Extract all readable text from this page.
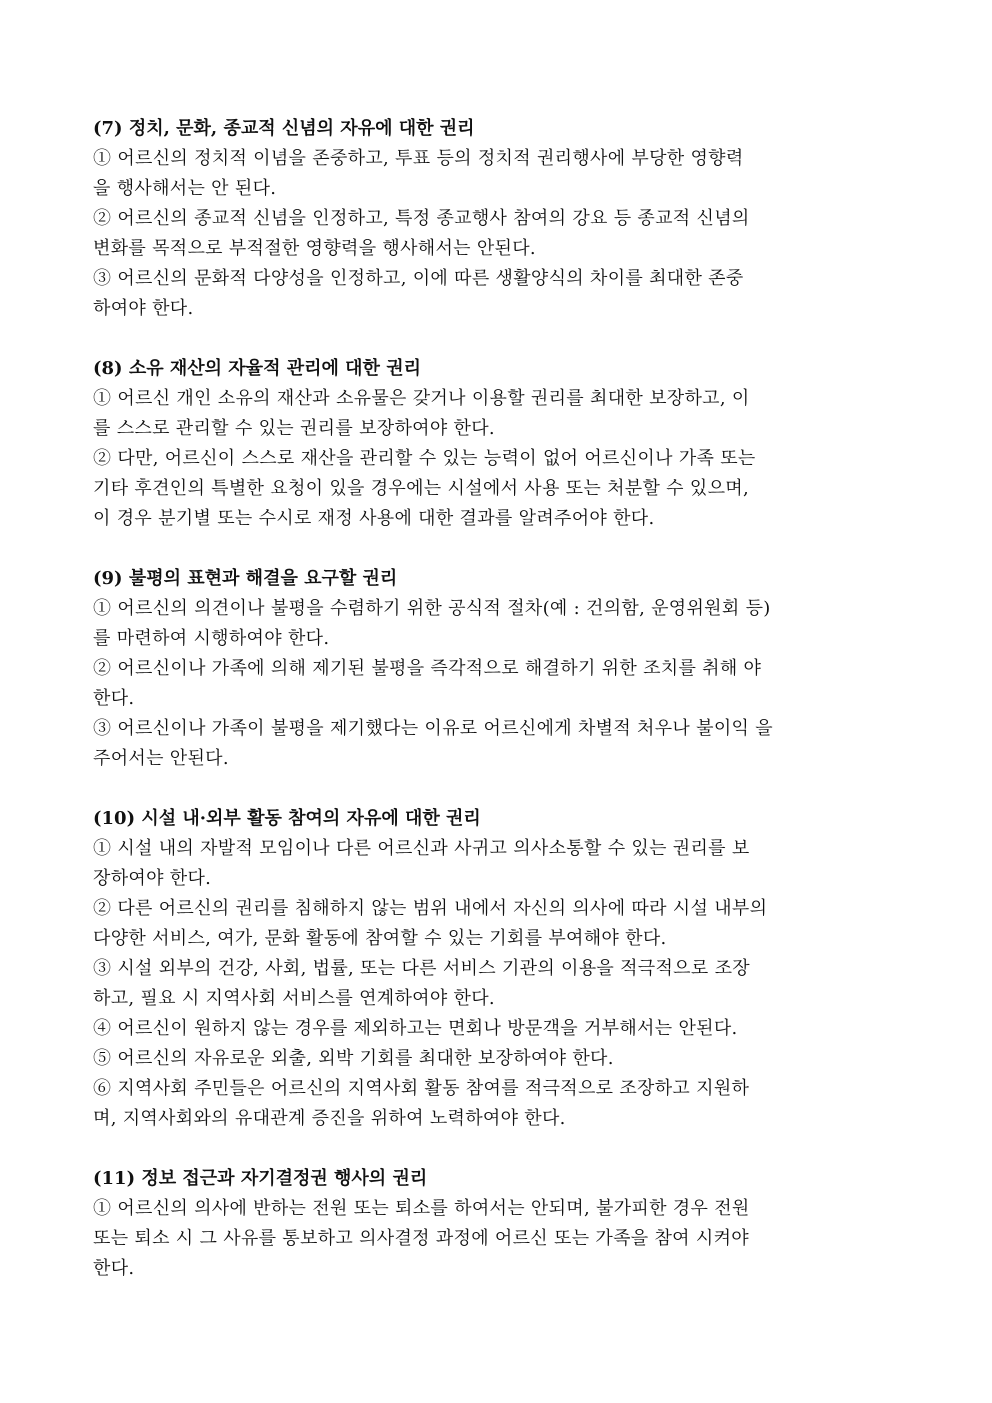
(7) 정치, 문화, 종교적 신념의 자유에 대한 권리
① 어르신의 정치적 이념을 존중하고, 투표 등의 정치적 권리행사에 부당한 영향력
을 행사해서는 안 된다.
② 어르신의 종교적 신념을 인정하고, 특정 종교행사 참여의 강요 등 종교적 신념의
변화를 목적으로 부적절한 영향력을 행사해서는 안된다.
③ 어르신의 문화적 다양성을 인정하고, 이에 따른 생활양식의 차이를 최대한 존중
하여야 한다.
(8) 소유 재산의 자율적 관리에 대한 권리
① 어르신 개인 소유의 재산과 소유물은 갖거나 이용할 권리를 최대한 보장하고, 이
를 스스로 관리할 수 있는 권리를 보장하여야 한다.
② 다만, 어르신이 스스로 재산을 관리할 수 있는 능력이 없어 어르신이나 가족 또는
기타 후견인의 특별한 요청이 있을 경우에는 시설에서 사용 또는 처분할 수 있으며,
이 경우 분기별 또는 수시로 재정 사용에 대한 결과를 알려주어야 한다.
(9) 불평의 표현과 해결을 요구할 권리
① 어르신의 의견이나 불평을 수렴하기 위한 공식적 절차(예 : 건의함, 운영위원회 등)
를 마련하여 시행하여야 한다.
② 어르신이나 가족에 의해 제기된 불평을 즉각적으로 해결하기 위한 조치를 취해 야
한다.
③ 어르신이나 가족이 불평을 제기했다는 이유로 어르신에게 차별적 처우나 불이익 을
주어서는 안된다.
(10) 시설 내·외부 활동 참여의 자유에 대한 권리
① 시설 내의 자발적 모임이나 다른 어르신과 사귀고 의사소통할 수 있는 권리를 보
장하여야 한다.
② 다른 어르신의 권리를 침해하지 않는 범위 내에서 자신의 의사에 따라 시설 내부의
다양한 서비스, 여가, 문화 활동에 참여할 수 있는 기회를 부여해야 한다.
③ 시설 외부의 건강, 사회, 법률, 또는 다른 서비스 기관의 이용을 적극적으로 조장
하고, 필요 시 지역사회 서비스를 연계하여야 한다.
④ 어르신이 원하지 않는 경우를 제외하고는 면회나 방문객을 거부해서는 안된다.
⑤ 어르신의 자유로운 외출, 외박 기회를 최대한 보장하여야 한다.
⑥ 지역사회 주민들은 어르신의 지역사회 활동 참여를 적극적으로 조장하고 지원하
며, 지역사회와의 유대관계 증진을 위하여 노력하여야 한다.
(11) 정보 접근과 자기결정권 행사의 권리
① 어르신의 의사에 반하는 전원 또는 퇴소를 하여서는 안되며, 불가피한 경우 전원
또는 퇴소 시 그 사유를 통보하고 의사결정 과정에 어르신 또는 가족을 참여 시켜야
한다.
